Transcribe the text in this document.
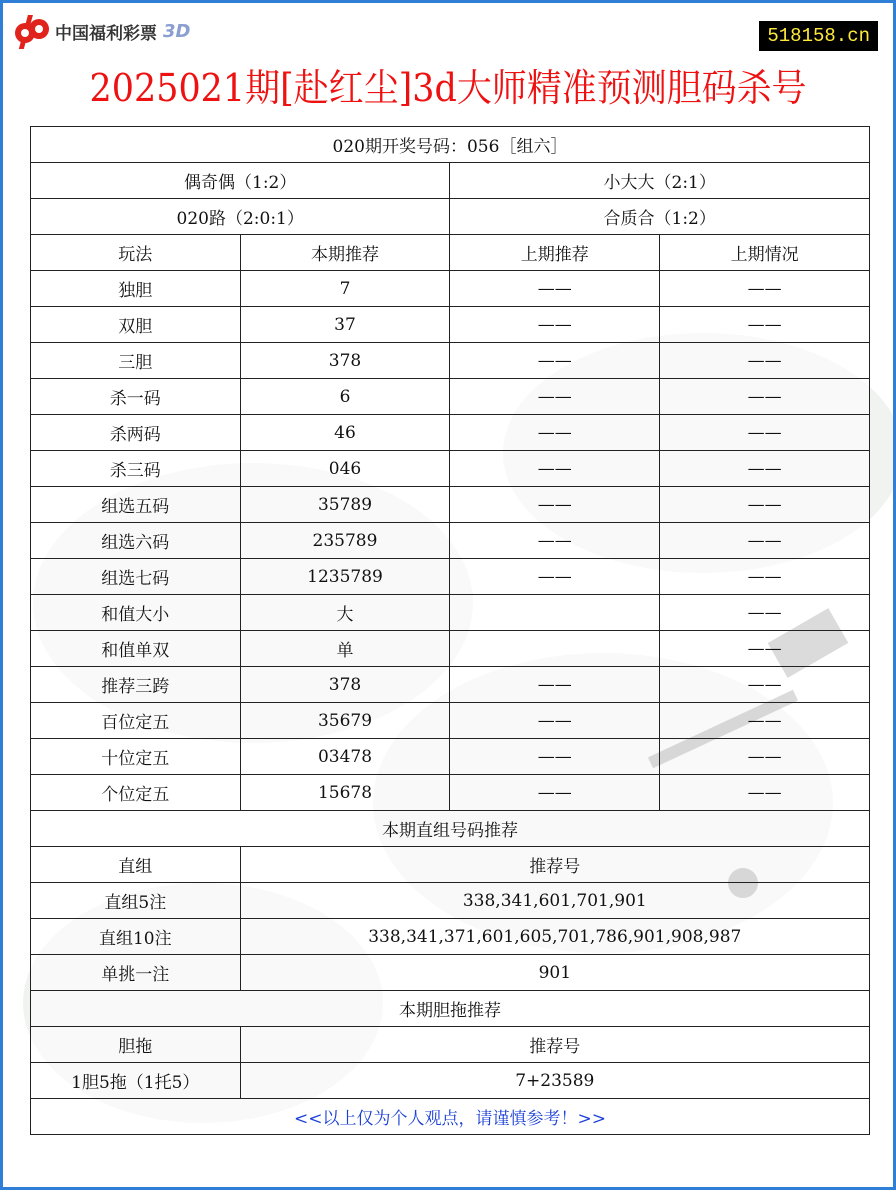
中国福利彩票 3D	518158.cn
2025021期[赴红尘]3d大师精准预测胆码杀号
020期开奖号码：056［组六］			
偶奇偶（1:2）		小大大（2:1）	
020路（2:0:1）		合质合（1:2）	
玩法	本期推荐	上期推荐	上期情况
独胆	7	——	——
双胆	37	——	——
三胆	378	——	——
杀一码	6	——	——
杀两码	46	——	——
杀三码	046	——	——
组选五码	35789	——	——
组选六码	235789	——	——
组选七码	1235789	——	——
和值大小	大		——
和值单双	单		——
推荐三跨	378	——	——
百位定五	35679	——	——
十位定五	03478	——	——
个位定五	15678	——	——
本期直组号码推荐			
直组	推荐号		
直组5注	338,341,601,701,901		
直组10注	338,341,371,601,605,701,786,901,908,987		
单挑一注	901		
本期胆拖推荐			
胆拖	推荐号		
1胆5拖（1托5）	7+23589		
<<以上仅为个人观点，请谨慎参考！>>			
